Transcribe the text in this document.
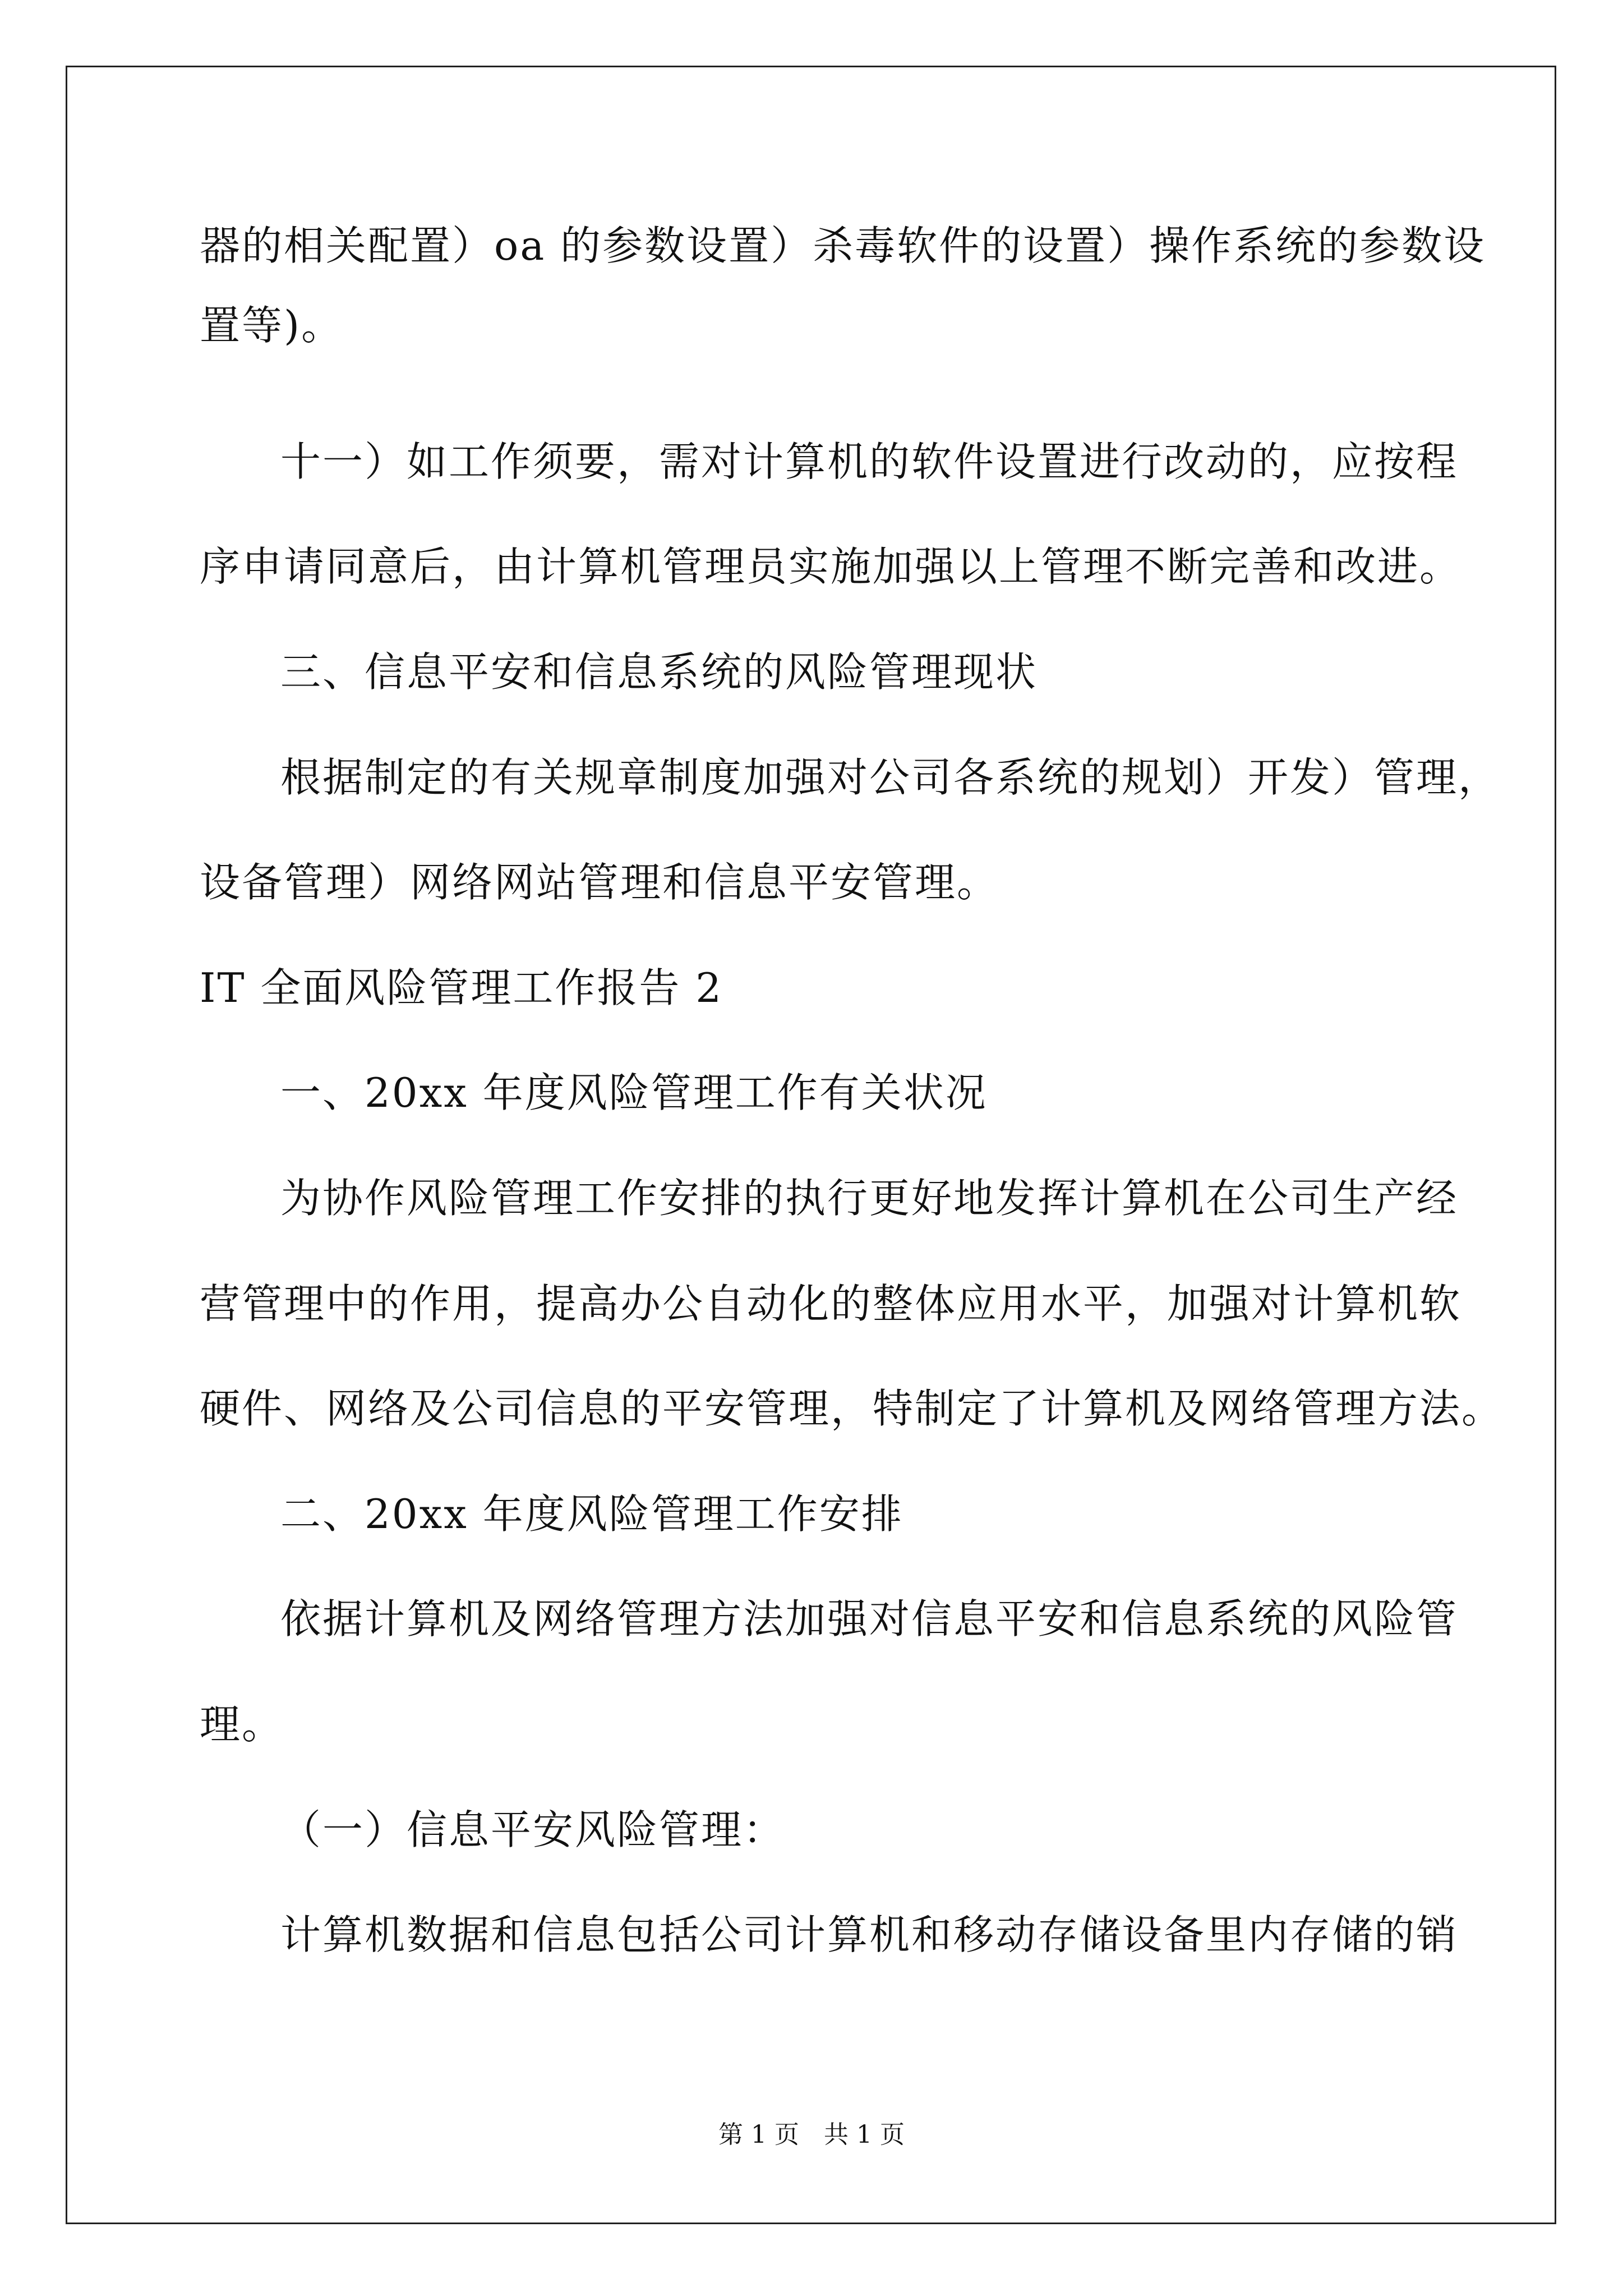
器的相关配置）oa 的参数设置）杀毒软件的设置）操作系统的参数设
置等)。
十一）如工作须要，需对计算机的软件设置进行改动的，应按程
序申请同意后，由计算机管理员实施加强以上管理不断完善和改进。
三、信息平安和信息系统的风险管理现状
根据制定的有关规章制度加强对公司各系统的规划）开发）管理，
设备管理）网络网站管理和信息平安管理。
IT 全面风险管理工作报告 2
一、20xx 年度风险管理工作有关状况
为协作风险管理工作安排的执行更好地发挥计算机在公司生产经
营管理中的作用，提高办公自动化的整体应用水平，加强对计算机软
硬件、网络及公司信息的平安管理，特制定了计算机及网络管理方法。
二、20xx 年度风险管理工作安排
依据计算机及网络管理方法加强对信息平安和信息系统的风险管
理。
（一）信息平安风险管理：
计算机数据和信息包括公司计算机和移动存储设备里内存储的销
第 1 页　共 1 页
